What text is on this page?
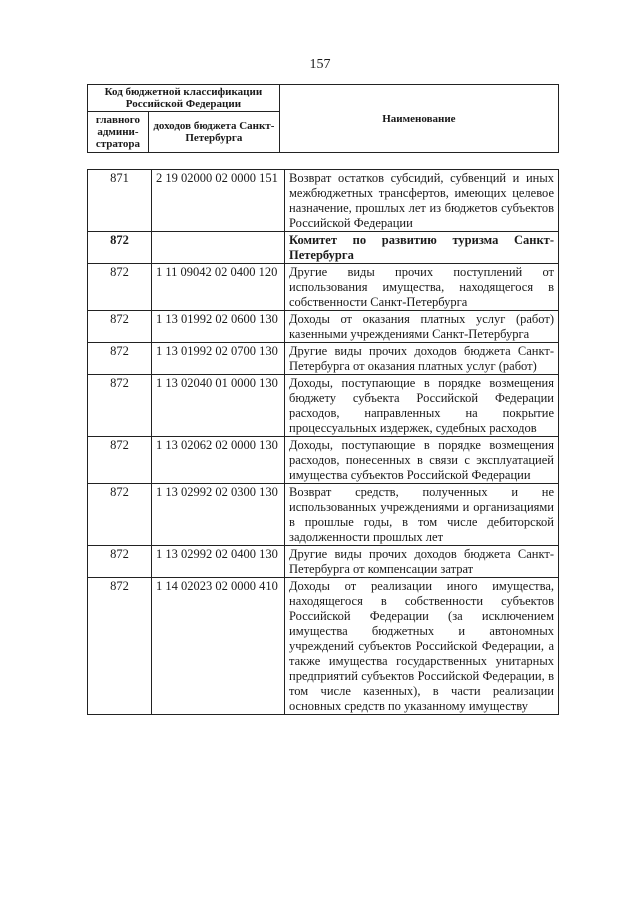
157
Код бюджетной классификации Российской Федерации		Наименование
главного админи-стратора	доходов бюджета Санкт-Петербурга	
871	2 19 02000 02 0000 151	Возврат остатков субсидий, субвенций и иных межбюджетных трансфертов, имеющих целевое назначение, прошлых лет из бюджетов субъектов Российской Федерации
872		Комитет по развитию туризма Санкт-Петербурга
872	1 11 09042 02 0400 120	Другие виды прочих поступлений от использования имущества, находящегося в собственности Санкт-Петербурга
872	1 13 01992 02 0600 130	Доходы от оказания платных услуг (работ) казенными учреждениями Санкт-Петербурга
872	1 13 01992 02 0700 130	Другие виды прочих доходов бюджета Санкт-Петербурга от оказания платных услуг (работ)
872	1 13 02040 01 0000 130	Доходы, поступающие в порядке возмещения бюджету субъекта Российской Федерации расходов, направленных на покрытие процессуальных издержек, судебных расходов
872	1 13 02062 02 0000 130	Доходы, поступающие в порядке возмещения расходов, понесенных в связи с эксплуатацией имущества субъектов Российской Федерации
872	1 13 02992 02 0300 130	Возврат средств, полученных и не использованных учреждениями и организациями в прошлые годы, в том числе дебиторской задолженности прошлых лет
872	1 13 02992 02 0400 130	Другие виды прочих доходов бюджета Санкт-Петербурга от компенсации затрат
872	1 14 02023 02 0000 410	Доходы от реализации иного имущества, находящегося в собственности субъектов Российской Федерации (за исключением имущества бюджетных и автономных учреждений субъектов Российской Федерации, а также имущества государственных унитарных предприятий субъектов Российской Федерации, в том числе казенных), в части реализации основных средств по указанному имуществу
